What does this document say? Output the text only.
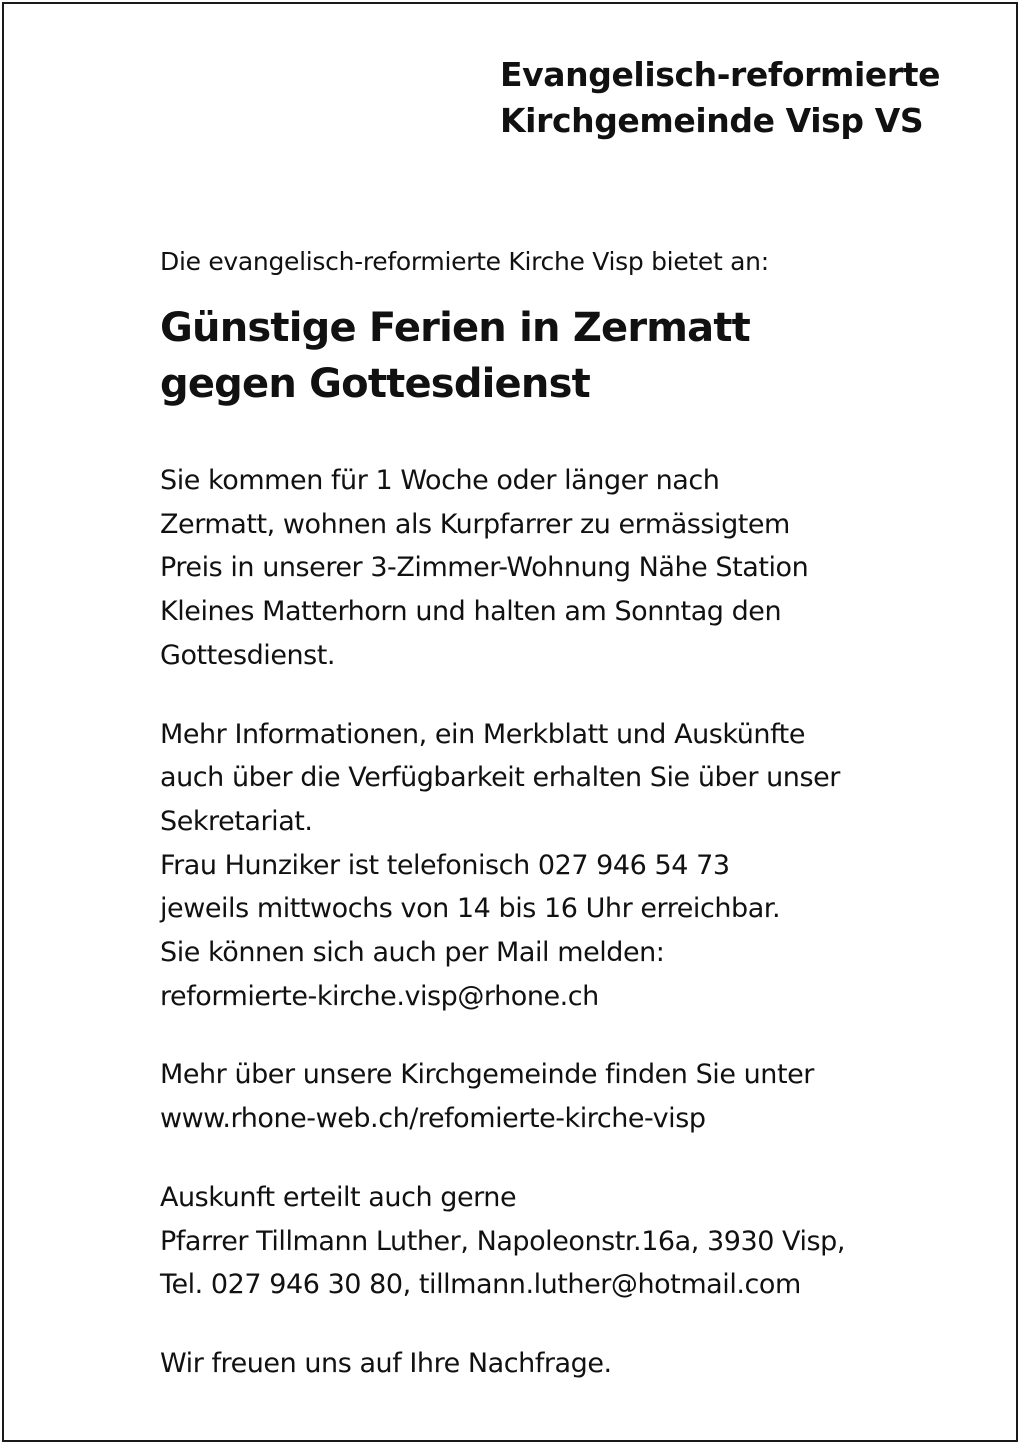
Evangelisch-reformierte
Kirchgemeinde Visp VS

Die evangelisch-reformierte Kirche Visp bietet an:

Günstige Ferien in Zermatt
gegen Gottesdienst

Sie kommen für 1 Woche oder länger nach
Zermatt, wohnen als Kurpfarrer zu ermässigtem
Preis in unserer 3-Zimmer-Wohnung Nähe Station
Kleines Matterhorn und halten am Sonntag den
Gottesdienst.

Mehr Informationen, ein Merkblatt und Auskünfte
auch über die Verfügbarkeit erhalten Sie über unser
Sekretariat.
Frau Hunziker ist telefonisch 027 946 54 73
jeweils mittwochs von 14 bis 16 Uhr erreichbar.
Sie können sich auch per Mail melden:
reformierte-kirche.visp@rhone.ch

Mehr über unsere Kirchgemeinde finden Sie unter
www.rhone-web.ch/refomierte-kirche-visp

Auskunft erteilt auch gerne
Pfarrer Tillmann Luther, Napoleonstr.16a, 3930 Visp,
Tel. 027 946 30 80, tillmann.luther@hotmail.com

Wir freuen uns auf Ihre Nachfrage.
